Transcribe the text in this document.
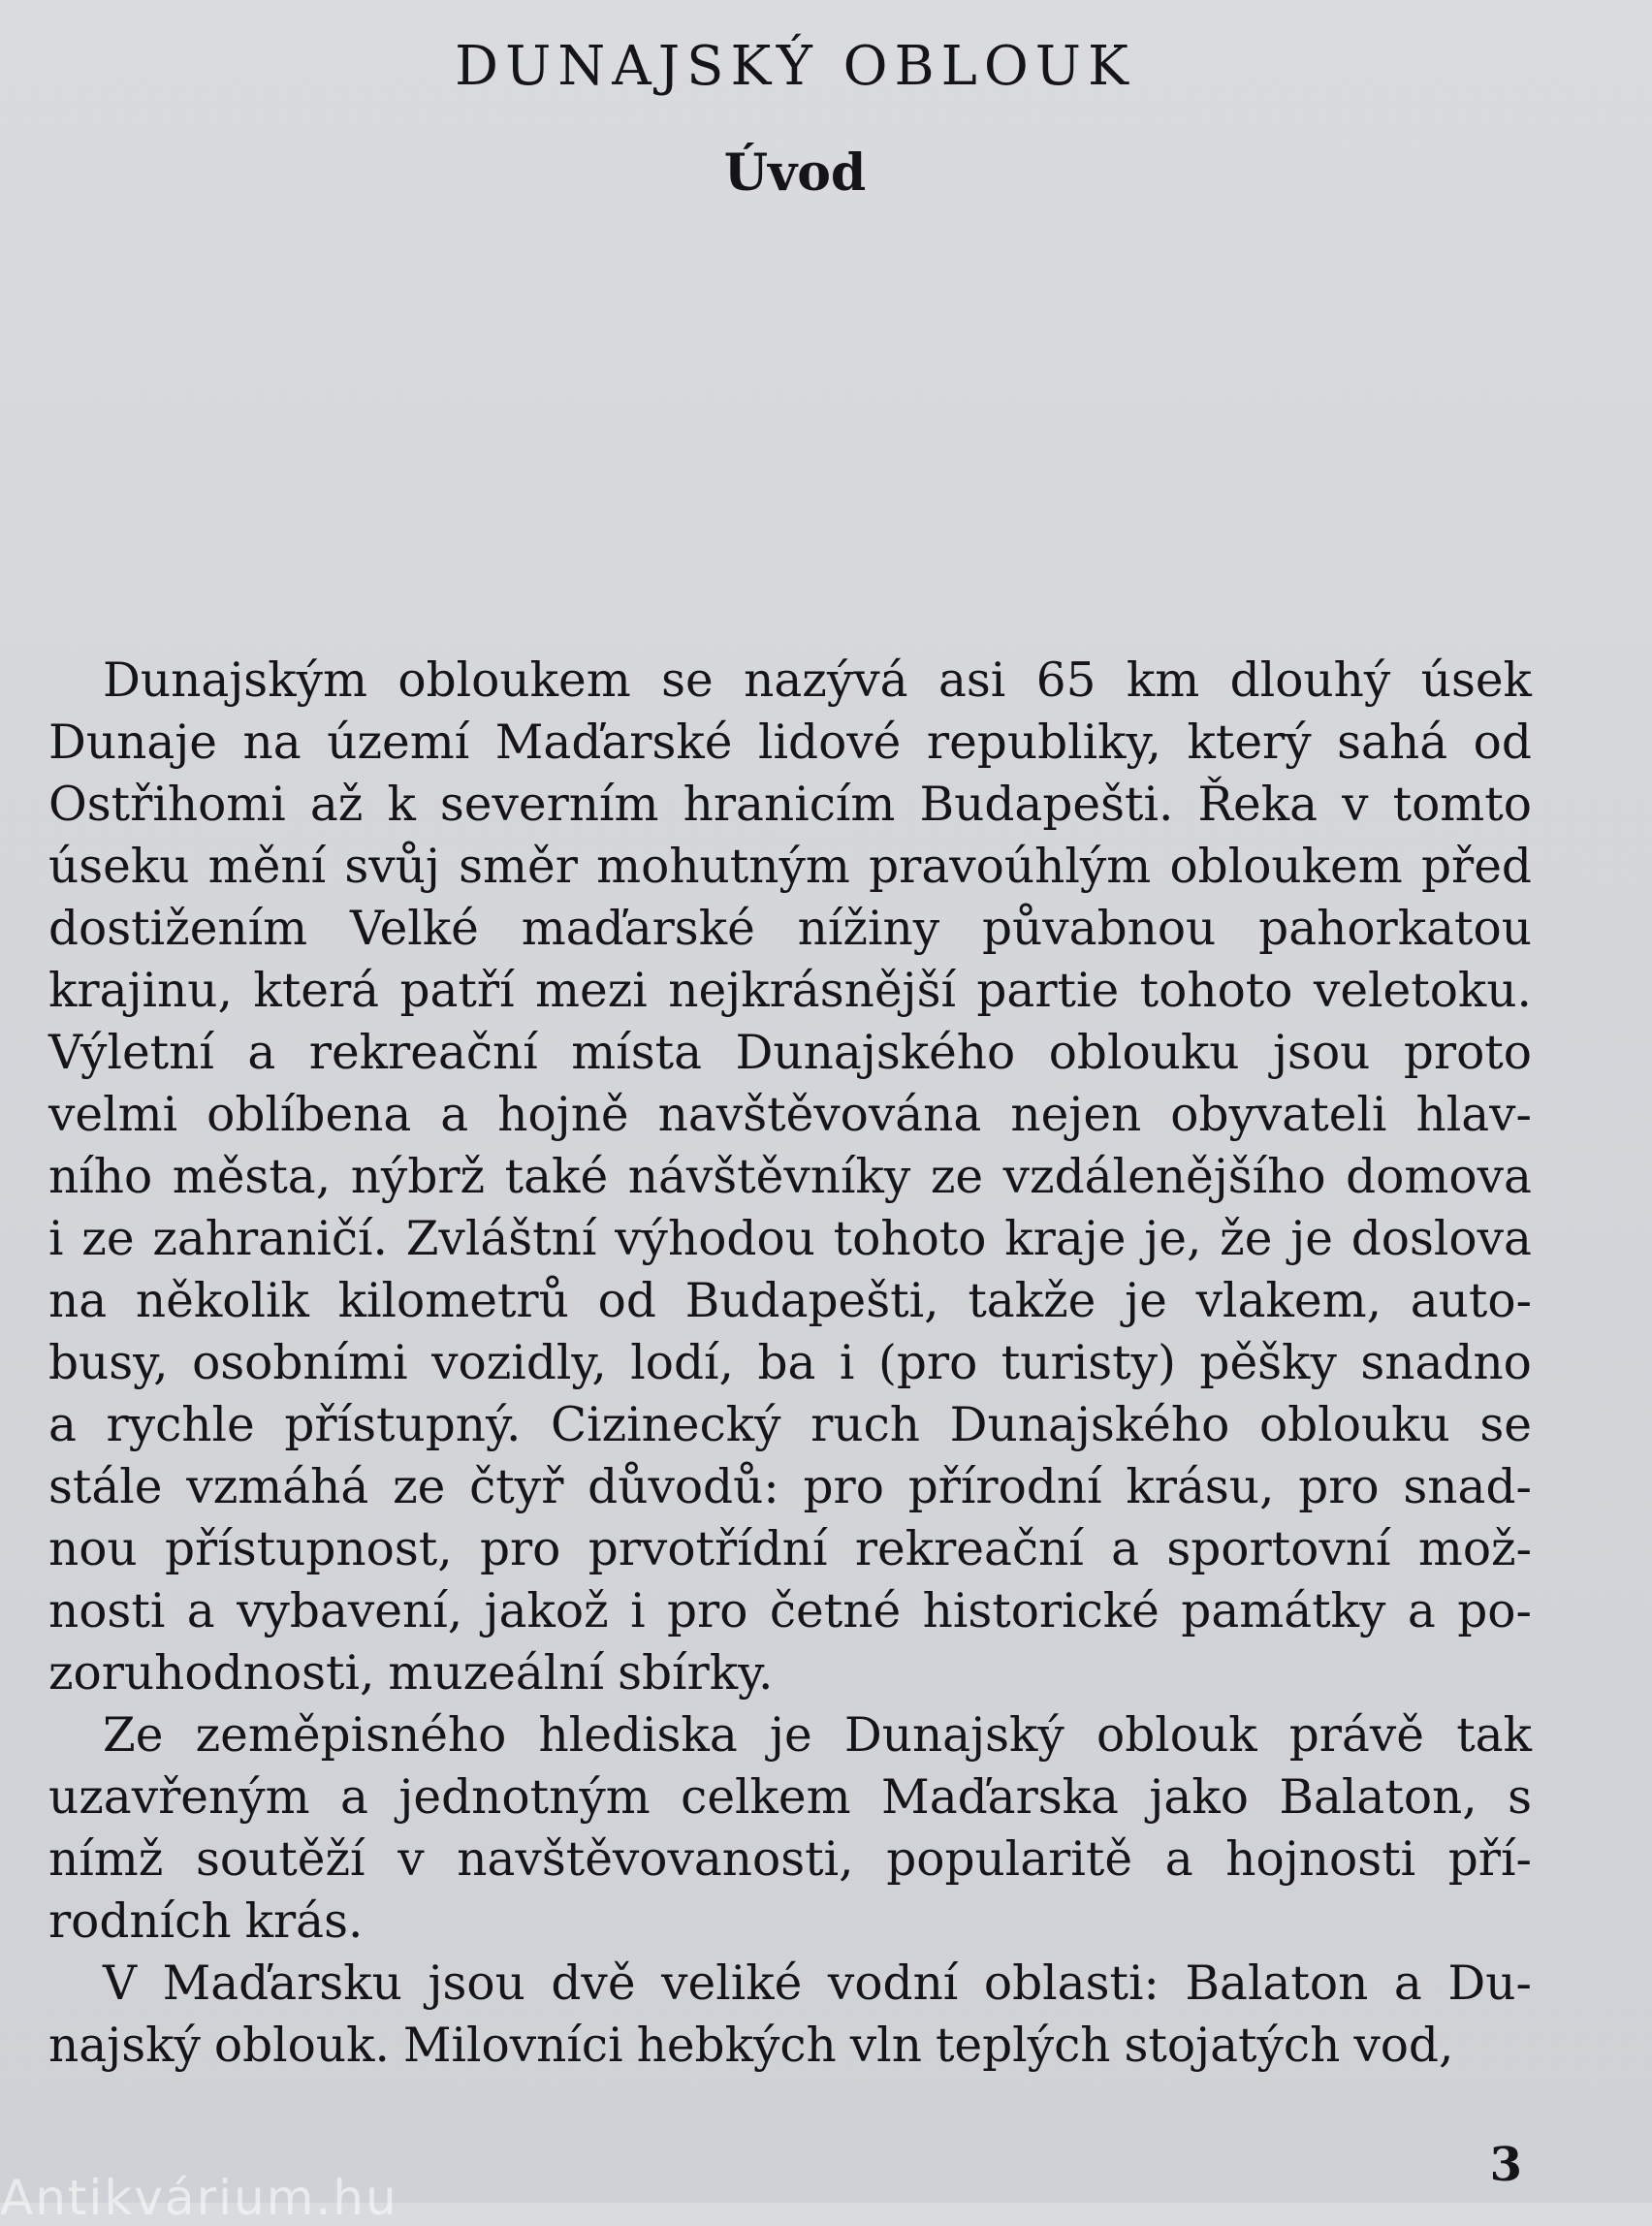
DUNAJSKÝ OBLOUK
Úvod
Dunajským obloukem se nazývá asi 65 km dlouhý úsek
Dunaje na území Maďarské lidové republiky, který sahá od
Ostřihomi až k severním hranicím Budapešti. Řeka v tomto
úseku mění svůj směr mohutným pravoúhlým obloukem před
dostižením Velké maďarské nížiny půvabnou pahorkatou
krajinu, která patří mezi nejkrásnější partie tohoto veletoku.
Výletní a rekreační místa Dunajského oblouku jsou proto
velmi oblíbena a hojně navštěvována nejen obyvateli hlav-
ního města, nýbrž také návštěvníky ze vzdálenějšího domova
i ze zahraničí. Zvláštní výhodou tohoto kraje je, že je doslova
na několik kilometrů od Budapešti, takže je vlakem, auto-
busy, osobními vozidly, lodí, ba i (pro turisty) pěšky snadno
a rychle přístupný. Cizinecký ruch Dunajského oblouku se
stále vzmáhá ze čtyř důvodů: pro přírodní krásu, pro snad-
nou přístupnost, pro prvotřídní rekreační a sportovní mož-
nosti a vybavení, jakož i pro četné historické památky a po-
zoruhodnosti, muzeální sbírky.
Ze zeměpisného hlediska je Dunajský oblouk právě tak
uzavřeným a jednotným celkem Maďarska jako Balaton, s
nímž soutěží v navštěvovanosti, popularitě a hojnosti pří-
rodních krás.
V Maďarsku jsou dvě veliké vodní oblasti: Balaton a Du-
najský oblouk. Milovníci hebkých vln teplých stojatých vod,
3
Antikvárium.hu
